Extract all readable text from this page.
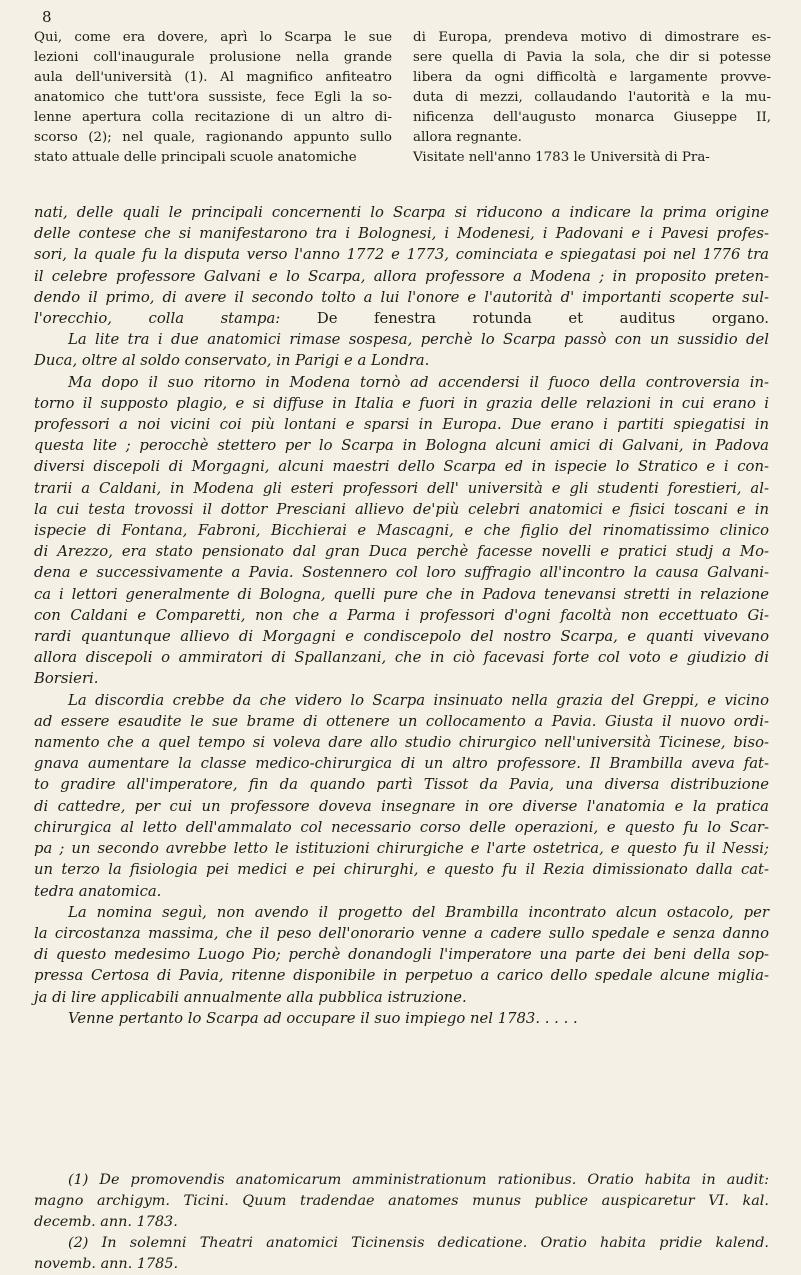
8
Qui, come era dovere, aprì lo Scarpa le sue
lezioni coll'inaugurale prolusione nella grande
aula dell'università (1). Al magnifico anfiteatro
anatomico che tutt'ora sussiste, fece Egli la so-
lenne apertura colla recitazione di un altro di-
scorso (2); nel quale, ragionando appunto sullo
stato attuale delle principali scuole anatomiche
di Europa, prendeva motivo di dimostrare es-
sere quella di Pavia la sola, che dir si potesse
libera da ogni difficoltà e largamente provve-
duta di mezzi, collaudando l'autorità e la mu-
nificenza dell'augusto monarca Giuseppe II,
allora regnante.
Visitate nell'anno 1783 le Università di Pra-
nati, delle quali le principali concernenti lo Scarpa si riducono a indicare la prima origine
delle contese che si manifestarono tra i Bolognesi, i Modenesi, i Padovani e i Pavesi profes-
sori, la quale fu la disputa verso l'anno 1772 e 1773, cominciata e spiegatasi poi nel 1776 tra
il celebre professore Galvani e lo Scarpa, allora professore a Modena ; in proposito preten-
dendo il primo, di avere il secondo tolto a lui l'onore e l'autorità d' importanti scoperte sul-
l'orecchio, colla stampa: De fenestra rotunda et auditus organo.
La lite tra i due anatomici rimase sospesa, perchè lo Scarpa passò con un sussidio del
Duca, oltre al soldo conservato, in Parigi e a Londra.
Ma dopo il suo ritorno in Modena tornò ad accendersi il fuoco della controversia in-
torno il supposto plagio, e si diffuse in Italia e fuori in grazia delle relazioni in cui erano i
professori a noi vicini coi più lontani e sparsi in Europa. Due erano i partiti spiegatisi in
questa lite ; perocchè stettero per lo Scarpa in Bologna alcuni amici di Galvani, in Padova
diversi discepoli di Morgagni, alcuni maestri dello Scarpa ed in ispecie lo Stratico e i con-
trarii a Caldani, in Modena gli esteri professori dell' università e gli studenti forestieri, al-
la cui testa trovossi il dottor Presciani allievo de'più celebri anatomici e fisici toscani e in
ispecie di Fontana, Fabroni, Bicchierai e Mascagni, e che figlio del rinomatissimo clinico
di Arezzo, era stato pensionato dal gran Duca perchè facesse novelli e pratici studj a Mo-
dena e successivamente a Pavia. Sostennero col loro suffragio all'incontro la causa Galvani-
ca i lettori generalmente di Bologna, quelli pure che in Padova tenevansi stretti in relazione
con Caldani e Comparetti, non che a Parma i professori d'ogni facoltà non eccettuato Gi-
rardi quantunque allievo di Morgagni e condiscepolo del nostro Scarpa, e quanti vivevano
allora discepoli o ammiratori di Spallanzani, che in ciò facevasi forte col voto e giudizio di
Borsieri.
La discordia crebbe da che videro lo Scarpa insinuato nella grazia del Greppi, e vicino
ad essere esaudite le sue brame di ottenere un collocamento a Pavia. Giusta il nuovo ordi-
namento che a quel tempo si voleva dare allo studio chirurgico nell'università Ticinese, biso-
gnava aumentare la classe medico-chirurgica di un altro professore. Il Brambilla aveva fat-
to gradire all'imperatore, fin da quando partì Tissot da Pavia, una diversa distribuzione
di cattedre, per cui un professore doveva insegnare in ore diverse l'anatomia e la pratica
chirurgica al letto dell'ammalato col necessario corso delle operazioni, e questo fu lo Scar-
pa ; un secondo avrebbe letto le istituzioni chirurgiche e l'arte ostetrica, e questo fu il Nessi;
un terzo la fisiologia pei medici e pei chirurghi, e questo fu il Rezia dimissionato dalla cat-
tedra anatomica.
La nomina seguì, non avendo il progetto del Brambilla incontrato alcun ostacolo, per
la circostanza massima, che il peso dell'onorario venne a cadere sullo spedale e senza danno
di questo medesimo Luogo Pio; perchè donandogli l'imperatore una parte dei beni della sop-
pressa Certosa di Pavia, ritenne disponibile in perpetuo a carico dello spedale alcune miglia-
ja di lire applicabili annualmente alla pubblica istruzione.
Venne pertanto lo Scarpa ad occupare il suo impiego nel 1783. . . . .
(1) De promovendis anatomicarum amministrationum rationibus. Oratio habita in audit:
magno archigym. Ticini. Quum tradendae anatomes munus publice auspicaretur VI. kal.
decemb. ann. 1783.
(2) In solemni Theatri anatomici Ticinensis dedicatione. Oratio habita pridie kalend.
novemb. ann. 1785.
